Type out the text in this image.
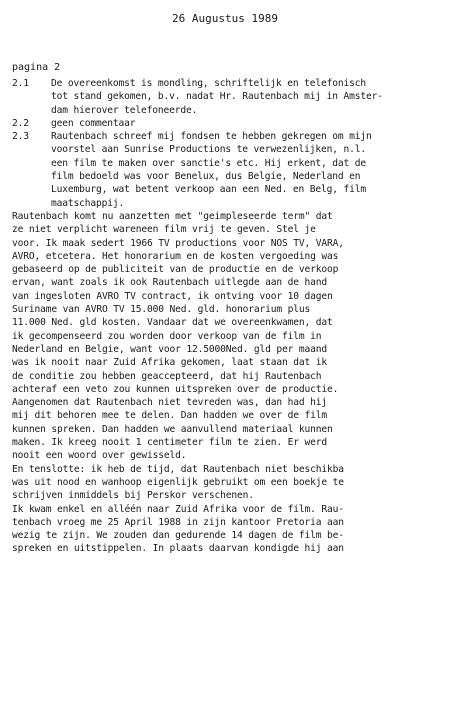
26 Augustus 1989
pagina 2
2.1	De overeenkomst is mondling, schriftelijk en telefonisch
tot stand gekomen, b.v. nadat Hr. Rautenbach mij in Amster-
dam hierover telefoneerde.
2.2	geen commentaar
2.3	Rautenbach schreef mij fondsen te hebben gekregen om mijn
voorstel aan Sunrise Productions te verwezenlijken, n.l.
een film te maken over sanctie's etc. Hij erkent, dat de
film bedoeld was voor Benelux, dus Belgie, Nederland en
Luxemburg, wat betent verkoop aan een Ned. en Belg, film
maatschappij.
Rautenbach komt nu aanzetten met "geimpleseerde term" dat
ze niet verplicht wareneen film vrij te geven. Stel je
voor. Ik maak sedert 1966 TV productions voor NOS TV, VARA,
AVRO, etcetera. Het honorarium en de kosten vergoeding was
gebaseerd op de publiciteit van de productie en de verkoop
ervan, want zoals ik ook Rautenbach uitlegde aan de hand
van ingesloten AVRO TV contract, ik ontving voor 10 dagen
Suriname van AVRO TV 15.000 Ned. gld. honorarium plus
11.000 Ned. gld kosten. Vandaar dat we overeenkwamen, dat
ik gecompenseerd zou worden door verkoop van de film in
Nederland en Belgie, want voor 12.5000Ned. gld per maand
was ik nooit naar Zuid Afrika gekomen, laat staan dat ik
de conditie zou hebben geaccepteerd, dat hij Rautenbach
achteraf een veto zou kunnen uitspreken over de productie.
Aangenomen dat Rautenbach niet tevreden was, dan had hij
mij dit behoren mee te delen. Dan hadden we over de film
kunnen spreken. Dan hadden we aanvullend materiaal kunnen
maken. Ik kreeg nooit 1 centimeter film te zien. Er werd
nooit een woord over gewisseld.
En tenslotte: ik heb de tijd, dat Rautenbach niet beschikba
was uit nood en wanhoop eigenlijk gebruikt om een boekje te
schrijven inmiddels bij Perskor verschenen.
Ik kwam enkel en alléén naar Zuid Afrika voor de film. Rau-
tenbach vroeg me 25 April 1988 in zijn kantoor Pretoria aan
wezig te zijn. We zouden dan gedurende 14 dagen de film be-
spreken en uitstippelen. In plaats daarvan kondigde hij aan
